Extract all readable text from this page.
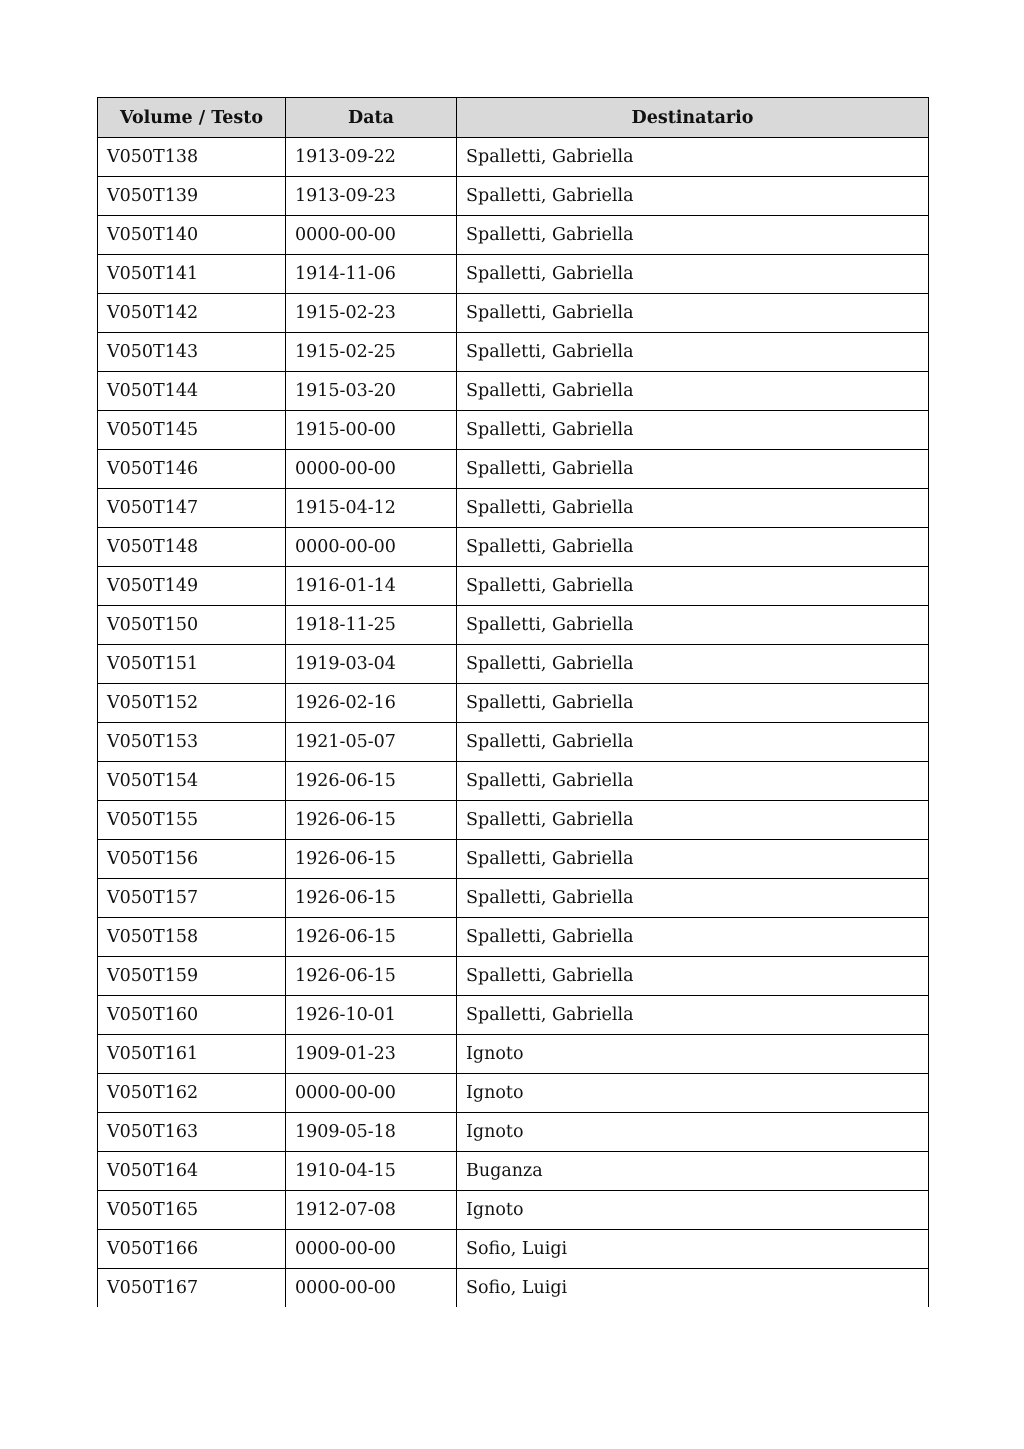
Volume / Testo	Data	Destinatario
V050T138	1913-09-22	Spalletti, Gabriella
V050T139	1913-09-23	Spalletti, Gabriella
V050T140	0000-00-00	Spalletti, Gabriella
V050T141	1914-11-06	Spalletti, Gabriella
V050T142	1915-02-23	Spalletti, Gabriella
V050T143	1915-02-25	Spalletti, Gabriella
V050T144	1915-03-20	Spalletti, Gabriella
V050T145	1915-00-00	Spalletti, Gabriella
V050T146	0000-00-00	Spalletti, Gabriella
V050T147	1915-04-12	Spalletti, Gabriella
V050T148	0000-00-00	Spalletti, Gabriella
V050T149	1916-01-14	Spalletti, Gabriella
V050T150	1918-11-25	Spalletti, Gabriella
V050T151	1919-03-04	Spalletti, Gabriella
V050T152	1926-02-16	Spalletti, Gabriella
V050T153	1921-05-07	Spalletti, Gabriella
V050T154	1926-06-15	Spalletti, Gabriella
V050T155	1926-06-15	Spalletti, Gabriella
V050T156	1926-06-15	Spalletti, Gabriella
V050T157	1926-06-15	Spalletti, Gabriella
V050T158	1926-06-15	Spalletti, Gabriella
V050T159	1926-06-15	Spalletti, Gabriella
V050T160	1926-10-01	Spalletti, Gabriella
V050T161	1909-01-23	Ignoto
V050T162	0000-00-00	Ignoto
V050T163	1909-05-18	Ignoto
V050T164	1910-04-15	Buganza
V050T165	1912-07-08	Ignoto
V050T166	0000-00-00	Sofio, Luigi
V050T167	0000-00-00	Sofio, Luigi
